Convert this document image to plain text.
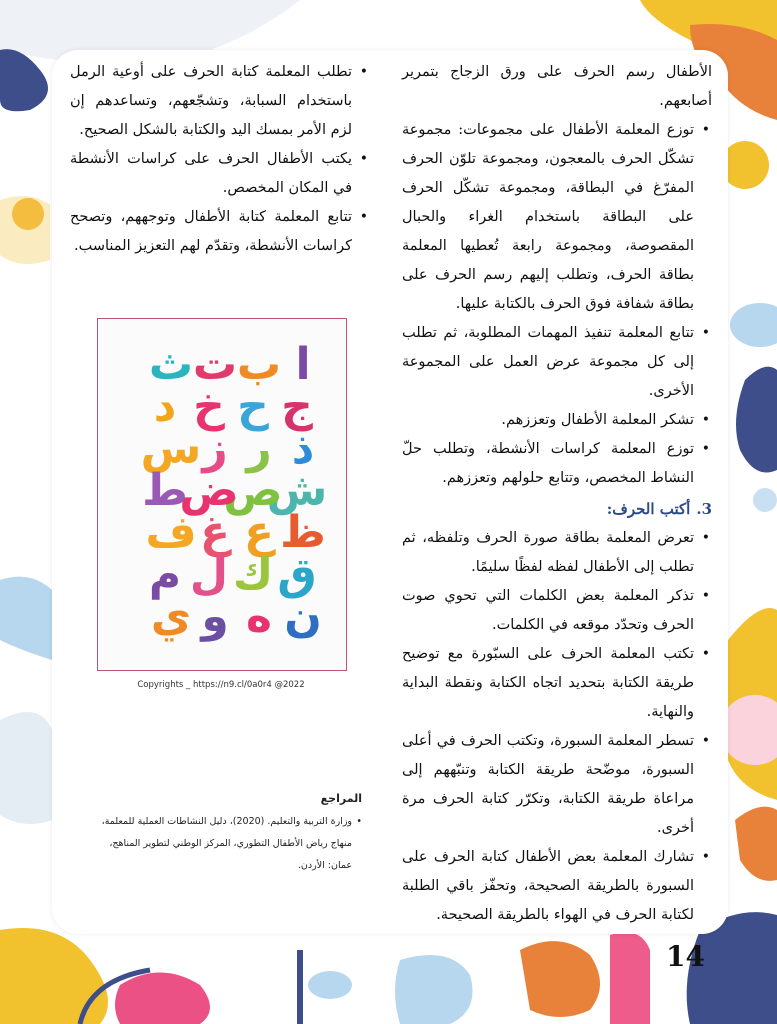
الأطفال رسم الحرف على ورق الزجاج بتمرير أصابعهم.

•
توزع المعلمة الأطفال على مجموعات: مجموعة تشكّل الحرف بالمعجون، ومجموعة تلوّن الحرف المفرّغ في البطاقة، ومجموعة تشكّل الحرف على البطاقة باستخدام الغراء والحبال المقصوصة، ومجموعة رابعة تُعطيها المعلمة بطاقة الحرف، وتطلب إليهم رسم الحرف على بطاقة شفافة فوق الحرف بالكتابة عليها.
•
تتابع المعلمة تنفيذ المهمات المطلوبة، ثم تطلب إلى كل مجموعة عرض العمل على المجموعة الأخرى.
•
تشكر المعلمة الأطفال وتعززهم.
•
توزع المعلمة كراسات الأنشطة، وتطلب حلّ النشاط المخصص، وتتابع حلولهم وتعززهم.
3.أكتب الحرف:
•
تعرض المعلمة بطاقة صورة الحرف وتلفظه، ثم تطلب إلى الأطفال لفظه لفظًا سليمًا.
•
تذكر المعلمة بعض الكلمات التي تحوي صوت الحرف وتحدّد موقعه في الكلمات.
•
تكتب المعلمة الحرف على السبّورة مع توضيح طريقة الكتابة بتحديد اتجاه الكتابة ونقطة البداية والنهاية.
•
تسطر المعلمة السبورة، وتكتب الحرف في أعلى السبورة، موضّحة طريقة الكتابة وتنبّههم إلى مراعاة طريقة الكتابة، وتكرّر كتابة الحرف مرة أخرى.
•
تشارك المعلمة بعض الأطفال كتابة الحرف على السبورة بالطريقة الصحيحة، وتحفّز باقي الطلبة لكتابة الحرف في الهواء بالطريقة الصحيحة.
•
تطلب المعلمة كتابة الحرف على أوعية الرمل باستخدام السبابة، وتشجّعهم، وتساعدهم إن لزم الأمر بمسك اليد والكتابة بالشكل الصحيح.
•
يكتب الأطفال الحرف على كراسات الأنشطة في المكان المخصص.
•
تتابع المعلمة كتابة الأطفال وتوجههم، وتصحح كراسات الأنشطة، وتقدّم لهم التعزيز المناسب.
ا
ب
ت
ث
ج
ح
خ
د
ذ
ر
ز
س
ش
ص
ض
ط
ظ
ع
غ
ف
ق
ك
ل
م
ن
ه
و
ي
Copyrights _ https://n9.cl/0a0r4 @2022
المراجع
•
وزارة التربية والتعليم. (2020)، دليل النشاطات العملية للمعلمة،
منهاج رياض الأطفال التطوري، المركز الوطني لتطوير المناهج،
عمان: الأردن.
14
